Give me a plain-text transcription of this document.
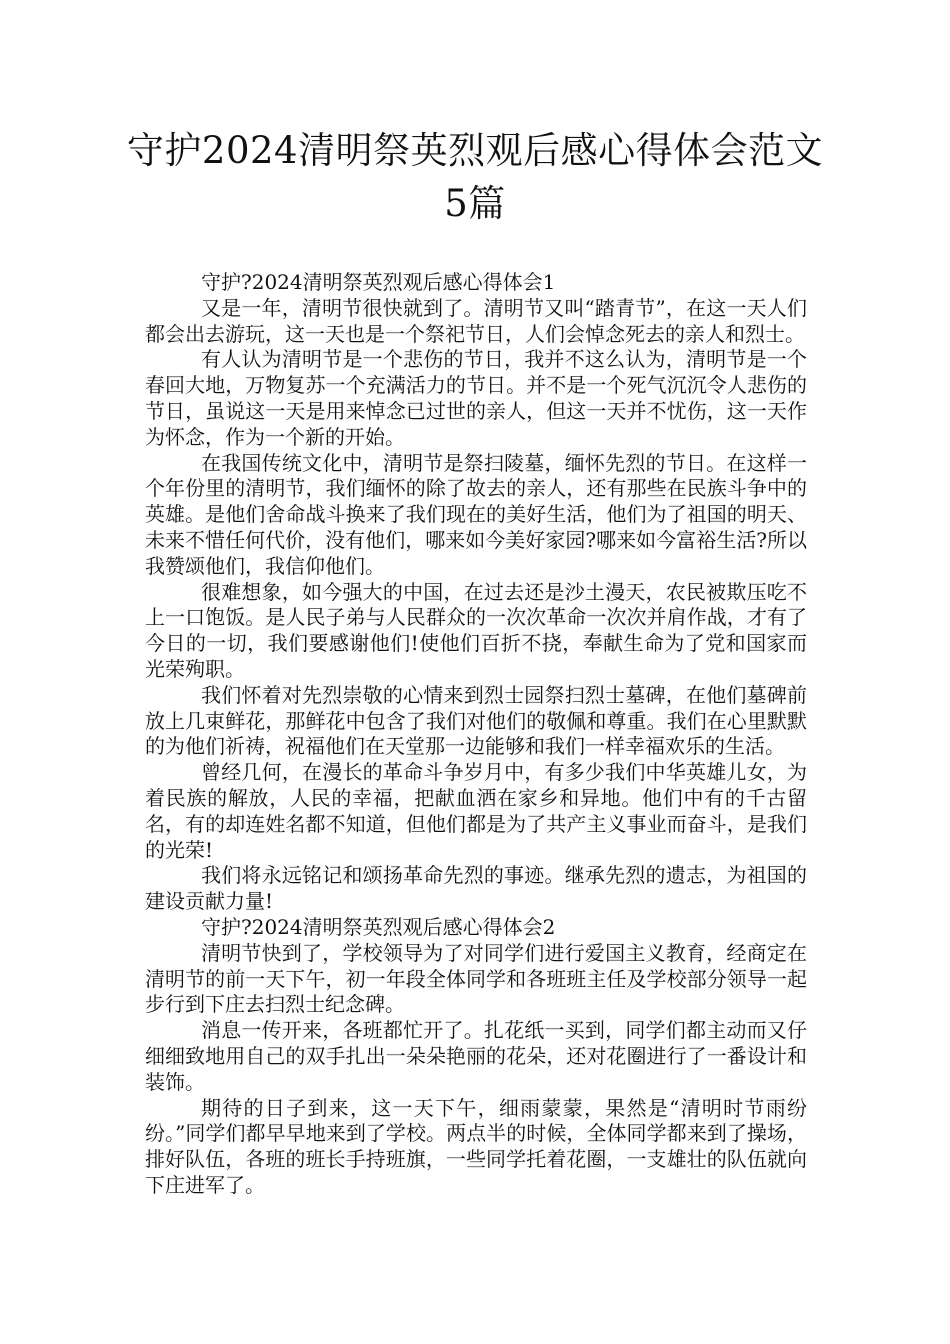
守护2024清明祭英烈观后感心得体会范文
5篇

守护?2024清明祭英烈观后感心得体会1

又是一年，清明节很快就到了。清明节又叫“踏青节”，在这一天人们都会出去游玩，这一天也是一个祭祀节日，人们会悼念死去的亲人和烈士。

有人认为清明节是一个悲伤的节日，我并不这么认为，清明节是一个春回大地，万物复苏一个充满活力的节日。并不是一个死气沉沉令人悲伤的节日，虽说这一天是用来悼念已过世的亲人，但这一天并不忧伤，这一天作为怀念，作为一个新的开始。

在我国传统文化中，清明节是祭扫陵墓，缅怀先烈的节日。在这样一个年份里的清明节，我们缅怀的除了故去的亲人，还有那些在民族斗争中的英雄。是他们舍命战斗换来了我们现在的美好生活，他们为了祖国的明天、未来不惜任何代价，没有他们，哪来如今美好家园?哪来如今富裕生活?所以我赞颂他们，我信仰他们。

很难想象，如今强大的中国，在过去还是沙土漫天，农民被欺压吃不上一口饱饭。是人民子弟与人民群众的一次次革命一次次并肩作战，才有了今日的一切，我们要感谢他们!使他们百折不挠，奉献生命为了党和国家而光荣殉职。

我们怀着对先烈崇敬的心情来到烈士园祭扫烈士墓碑，在他们墓碑前放上几束鲜花，那鲜花中包含了我们对他们的敬佩和尊重。我们在心里默默的为他们祈祷，祝福他们在天堂那一边能够和我们一样幸福欢乐的生活。

曾经几何，在漫长的革命斗争岁月中，有多少我们中华英雄儿女，为着民族的解放，人民的幸福，把献血洒在家乡和异地。他们中有的千古留名，有的却连姓名都不知道，但他们都是为了共产主义事业而奋斗，是我们的光荣!

我们将永远铭记和颂扬革命先烈的事迹。继承先烈的遗志，为祖国的建设贡献力量!

守护?2024清明祭英烈观后感心得体会2

清明节快到了，学校领导为了对同学们进行爱国主义教育，经商定在清明节的前一天下午，初一年段全体同学和各班班主任及学校部分领导一起步行到下庄去扫烈士纪念碑。

消息一传开来，各班都忙开了。扎花纸一买到，同学们都主动而又仔细细致地用自己的双手扎出一朵朵艳丽的花朵，还对花圈进行了一番设计和装饰。

期待的日子到来，这一天下午，细雨蒙蒙，果然是“清明时节雨纷纷。”同学们都早早地来到了学校。两点半的时候，全体同学都来到了操场，排好队伍，各班的班长手持班旗，一些同学托着花圈，一支雄壮的队伍就向下庄进军了。
